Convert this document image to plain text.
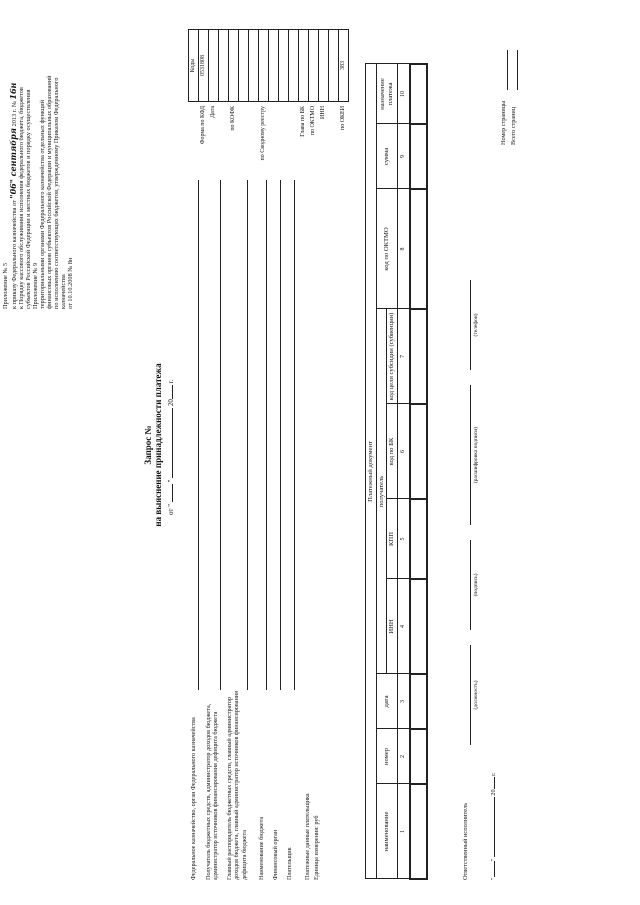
Приложение № 5 к приказу Федерального казначейства от "06" сентября 2013 г. № 16н к Порядку кассового обслуживания исполнения федерального бюджета, бюджетов субъектов Российской Федерации и местных бюджетов и порядку осуществления Приложение № 9 территориальными органами Федерального казначейства отдельных функций финансовых органов субъектов Российской Федерации и муниципальных образований по исполнению соответствующих бюджетов, утвержденному Приказом Федерального казначейства от 10.10.2008 № 8н
Запрос № на выяснение принадлежности платежа от "  "  20 г.
	Коды
Форма по КФД	0531808
Дата	

по КОФК	

по Сводному реестру	

Глава по БК	
по ОКТМО	
ИНН	

по ОКЕИ	383
Федеральное казначейство, орган Федерального казначейства Получатель бюджетных средств, администратор доходов бюджета, администратор источников финансирования дефицита бюджета Главный распорядитель бюджетных средств, главный администратор доходов бюджета, главный администратор источников финансирования дефицита бюджета Наименование бюджета Финансовый орган Плательщик Платежные данные плательщика Единица измерения: руб
Платежный документ									
наименование	номер	дата	получатель				код по ОКТМО	сумма	назначение платежа
			ИНН	КПП	код по БК	код цели субсидии (субвенции)			
1	2	3	4	5	6	7	8	9	10

Ответственный исполнитель
(должность)
(подпись)
(расшифровка подписи)
(телефон)
""  20 г.
Номер страницы Всего страниц
